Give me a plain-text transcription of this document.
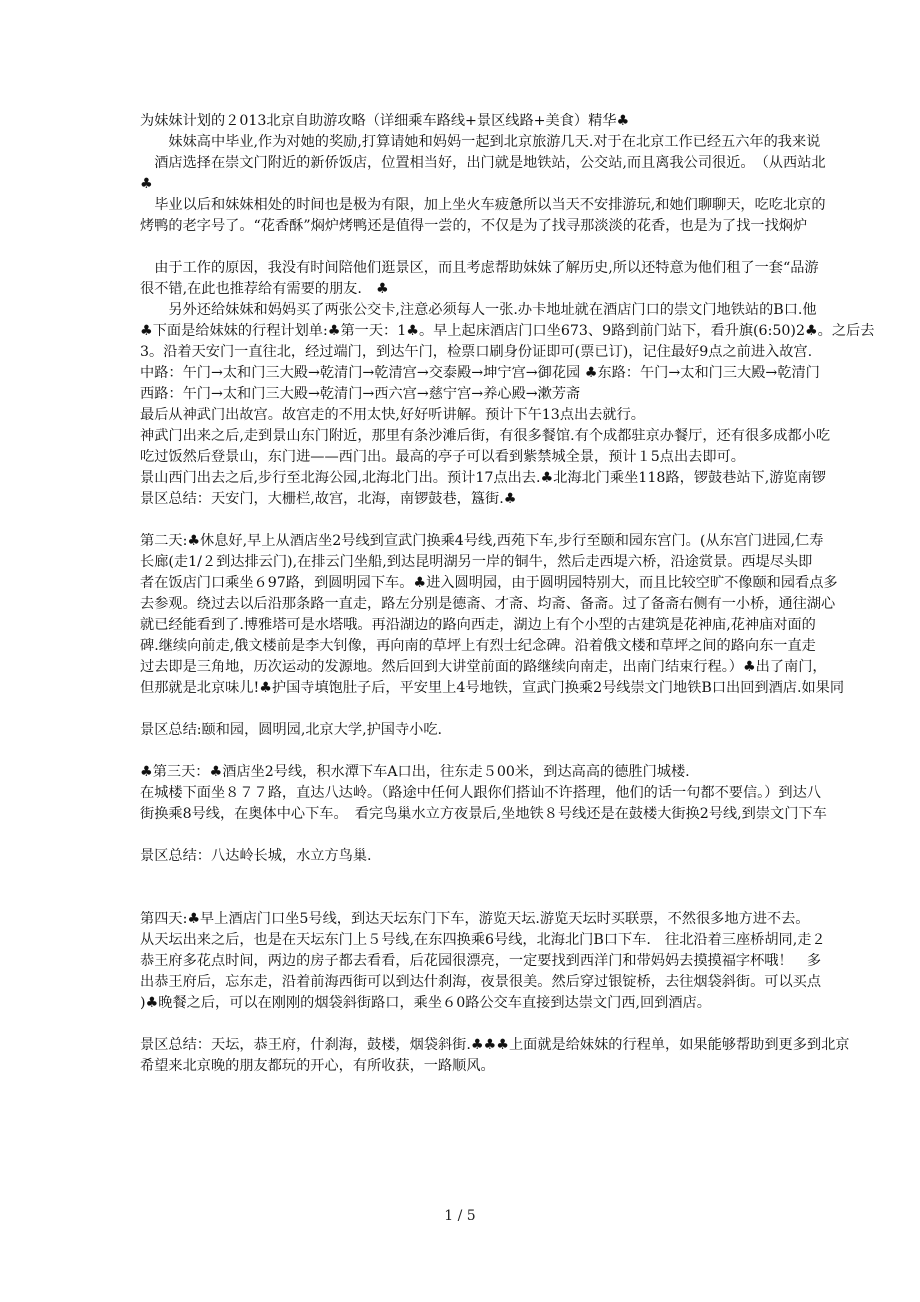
为妹妹计划的２013北京自助游攻略（详细乘车路线+景区线路+美食）精华♣
　　妹妹高中毕业,作为对她的奖励,打算请她和妈妈一起到北京旅游几天.对于在北京工作已经五六年的我来说
　酒店选择在崇文门附近的新侨饭店，位置相当好，出门就是地铁站，公交站,而且离我公司很近。　（从西站北
♣
　毕业以后和妹妹相处的时间也是极为有限，加上坐火车疲惫所以当天不安排游玩,和她们聊聊天，吃吃北京的
烤鸭的老字号了。“花香酥”焖炉烤鸭还是值得一尝的，不仅是为了找寻那淡淡的花香，也是为了找一找焖炉
　由于工作的原因，我没有时间陪他们逛景区，而且考虑帮助妹妹了解历史,所以还特意为他们租了一套“品游
很不错,在此也推荐给有需要的朋友.　♣
　　另外还给妹妹和妈妈买了两张公交卡,注意必须每人一张.办卡地址就在酒店门口的崇文门地铁站的B口.他
♣下面是给妹妹的行程计划单:♣第一天：1♣。早上起床酒店门口坐673、9路到前门站下，看升旗(6:50)2♣。之后去
3。沿着天安门一直往北，经过端门，到达午门，检票口刷身份证即可(票已订)，记住最好9点之前进入故宫.
中路：午门→太和门三大殿→乾清门→乾清宫→交泰殿→坤宁宫→御花园 ♣东路：午门→太和门三大殿→乾清门
西路：午门→太和门三大殿→乾清门→西六宫→慈宁宫→养心殿→漱芳斋
最后从神武门出故宫。故宫走的不用太快,好好听讲解。预计下午13点出去就行。
神武门出来之后,走到景山东门附近，那里有条沙滩后街，有很多餐馆.有个成都驻京办餐厅，还有很多成都小吃
吃过饭然后登景山，东门进——西门出。最高的亭子可以看到紫禁城全景，预计１5点出去即可。
景山西门出去之后,步行至北海公园,北海北门出。预计17点出去.♣北海北门乘坐118路，锣鼓巷站下,游览南锣
景区总结：天安门，大栅栏,故宫，北海，南锣鼓巷，簋街.♣
第二天:♣休息好,早上从酒店坐2号线到宣武门换乘4号线,西苑下车,步行至颐和园东宫门。(从东宫门进园,仁寿
长廊(走1/２到达排云门),在排云门坐船,到达昆明湖另一岸的铜牛，然后走西堤六桥，沿途赏景。西堤尽头即
者在饭店门口乘坐６97路，到圆明园下车。♣进入圆明园，由于圆明园特别大，而且比较空旷不像颐和园看点多
去参观。绕过去以后沿那条路一直走，路左分别是德斋、才斋、均斋、备斋。过了备斋右侧有一小桥，通往湖心
就已经能看到了.博雅塔可是水塔哦。再沿湖边的路向西走，湖边上有个小型的古建筑是花神庙,花神庙对面的
碑.继续向前走,俄文楼前是李大钊像，再向南的草坪上有烈士纪念碑。沿着俄文楼和草坪之间的路向东一直走
过去即是三角地，历次运动的发源地。然后回到大讲堂前面的路继续向南走，出南门结束行程。）♣出了南门，
但那就是北京味儿!♣护国寺填饱肚子后，平安里上4号地铁，宣武门换乘2号线崇文门地铁B口出回到酒店.如果同
景区总结:颐和园，圆明园,北京大学,护国寺小吃.
♣第三天：♣酒店坐2号线，积水潭下车A口出，往东走５00米，到达高高的德胜门城楼.
在城楼下面坐８７７路，直达八达岭。（路途中任何人跟你们搭讪不许搭理，他们的话一句都不要信。）到达八
街换乘8号线，在奥体中心下车。　看完鸟巢水立方夜景后,坐地铁８号线还是在鼓楼大街换2号线,到崇文门下车
景区总结：八达岭长城，水立方鸟巢.
第四天:♣早上酒店门口坐5号线，到达天坛东门下车，游览天坛.游览天坛时买联票，不然很多地方进不去。
从天坛出来之后，也是在天坛东门上５号线,在东四换乘6号线，北海北门B口下车.　往北沿着三座桥胡同,走２
恭王府多花点时间，两边的房子都去看看，后花园很漂亮，一定要找到西洋门和带妈妈去摸摸福字杯哦！　多
出恭王府后，忘东走，沿着前海西街可以到达什刹海，夜景很美。然后穿过银锭桥，去往烟袋斜街。可以买点
)♣晚餐之后，可以在刚刚的烟袋斜街路口，乘坐６0路公交车直接到达崇文门西,回到酒店。
景区总结：天坛，恭王府，什刹海，鼓楼，烟袋斜街.♣♣♣上面就是给妹妹的行程单，如果能够帮助到更多到北京
希望来北京晚的朋友都玩的开心，有所收获，一路顺风。
1 / 5
